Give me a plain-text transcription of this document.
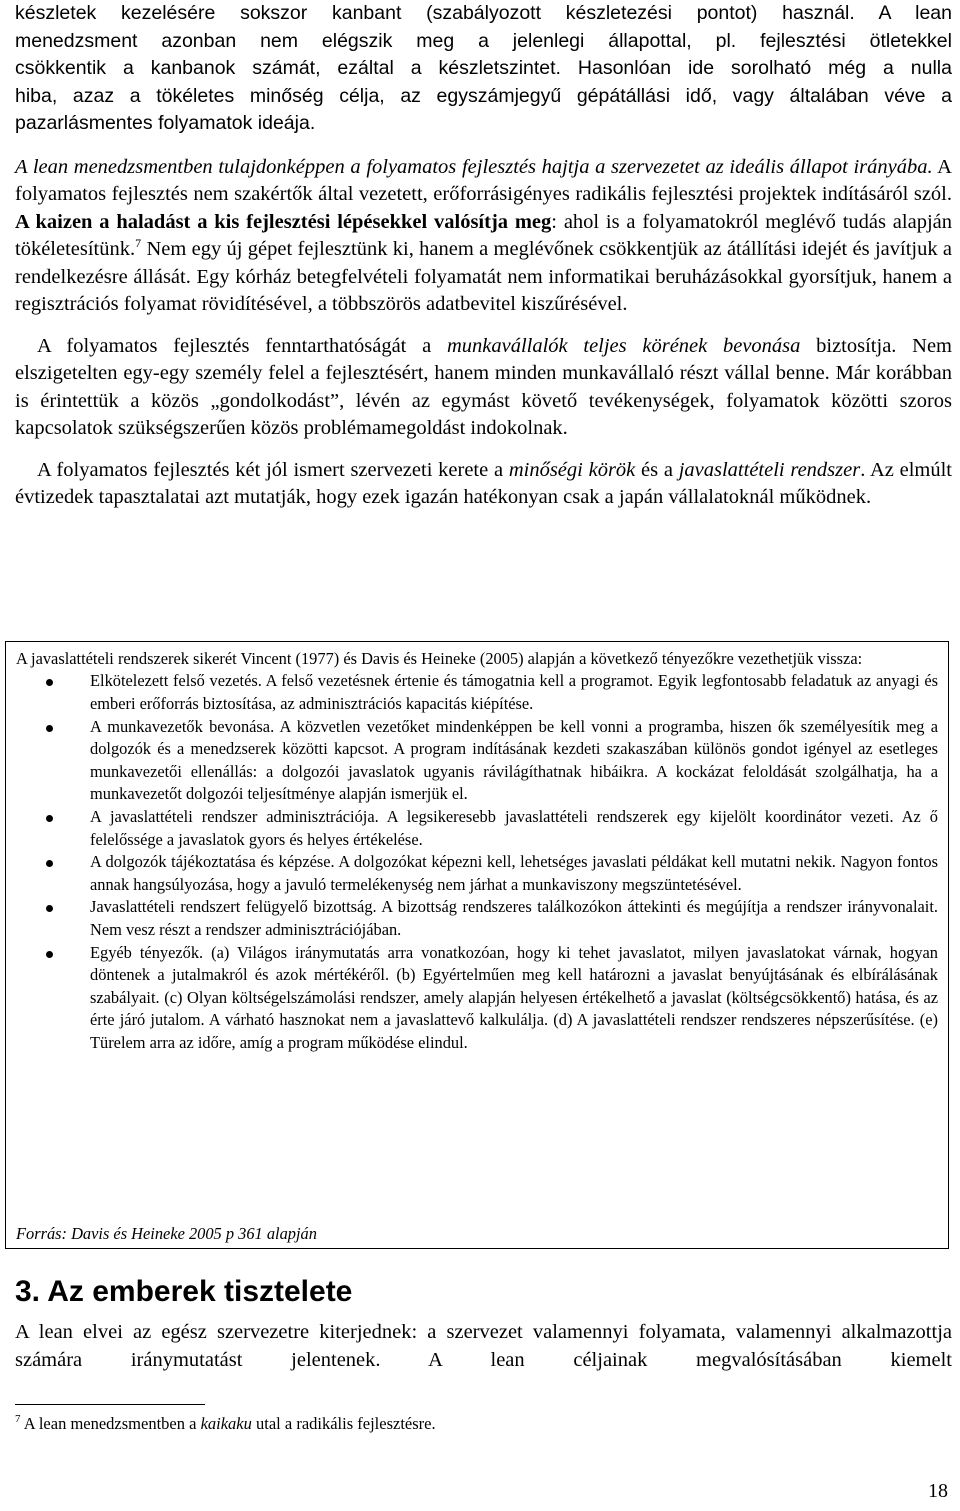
készletek kezelésére sokszor kanbant (szabályozott készletezési pontot) használ. A lean
menedzsment azonban nem elégszik meg a jelenlegi állapottal, pl. fejlesztési ötletekkel
csökkentik a kanbanok számát, ezáltal a készletszintet. Hasonlóan ide sorolható még a nulla
hiba, azaz a tökéletes minőség célja, az egyszámjegyű gépátállási idő, vagy általában véve a
pazarlásmentes folyamatok ideája.

A lean menedzsmentben tulajdonképpen a folyamatos fejlesztés hajtja a szervezetet az ideális állapot irányába. A folyamatos fejlesztés nem szakértők által vezetett, erőforrásigényes radikális fejlesztési projektek indításáról szól. A kaizen a haladást a kis fejlesztési lépésekkel valósítja meg: ahol is a folyamatokról meglévő tudás alapján tökéletesítünk.$^7$ Nem egy új gépet fejlesztünk ki, hanem a meglévőnek csökkentjük az átállítási idejét és javítjuk a rendelkezésre állását. Egy kórház betegfelvételi folyamatát nem informatikai beruházásokkal gyorsítjuk, hanem a regisztrációs folyamat rövidítésével, a többszörös adatbevitel kiszűrésével.

A folyamatos fejlesztés fenntarthatóságát a munkavállalók teljes körének bevonása biztosítja. Nem elszigetelten egy-egy személy felel a fejlesztésért, hanem minden munkavállaló részt vállal benne. Már korábban is érintettük a közös „gondolkodást”, lévén az egymást követő tevékenységek, folyamatok közötti szoros kapcsolatok szükségszerűen közös problémamegoldást indokolnak.

A folyamatos fejlesztés két jól ismert szervezeti kerete a minőségi körök és a javaslattételi rendszer. Az elmúlt évtizedek tapasztalatai azt mutatják, hogy ezek igazán hatékonyan csak a japán vállalatoknál működnek.

A javaslattételi rendszerek sikerét Vincent (1977) és Davis és Heineke (2005) alapján a következő tényezőkre vezethetjük vissza:

Elkötelezett felső vezetés. A felső vezetésnek értenie és támogatnia kell a programot. Egyik legfontosabb feladatuk az anyagi és emberi erőforrás biztosítása, az adminisztrációs kapacitás kiépítése.
A munkavezetők bevonása. A közvetlen vezetőket mindenképpen be kell vonni a programba, hiszen ők személyesítik meg a dolgozók és a menedzserek közötti kapcsot. A program indításának kezdeti szakaszában különös gondot igényel az esetleges munkavezetői ellenállás: a dolgozói javaslatok ugyanis rávilágíthatnak hibáikra. A kockázat feloldását szolgálhatja, ha a munkavezetőt dolgozói teljesítménye alapján ismerjük el.
A javaslattételi rendszer adminisztrációja. A legsikeresebb javaslattételi rendszerek egy kijelölt koordinátor vezeti. Az ő felelőssége a javaslatok gyors és helyes értékelése.
A dolgozók tájékoztatása és képzése. A dolgozókat képezni kell, lehetséges javaslati példákat kell mutatni nekik. Nagyon fontos annak hangsúlyozása, hogy a javuló termelékenység nem járhat a munkaviszony megszüntetésével.
Javaslattételi rendszert felügyelő bizottság. A bizottság rendszeres találkozókon áttekinti és megújítja a rendszer irányvonalait. Nem vesz részt a rendszer adminisztrációjában.
Egyéb tényezők. (a) Világos iránymutatás arra vonatkozóan, hogy ki tehet javaslatot, milyen javaslatokat várnak, hogyan döntenek a jutalmakról és azok mértékéről. (b) Egyértelműen meg kell határozni a javaslat benyújtásának és elbírálásának szabályait. (c) Olyan költségelszámolási rendszer, amely alapján helyesen értékelhető a javaslat (költségcsökkentő) hatása, és az érte járó jutalom. A várható hasznokat nem a javaslattevő kalkulálja. (d) A javaslattételi rendszer rendszeres népszerűsítése. (e) Türelem arra az időre, amíg a program működése elindul.
Forrás: Davis és Heineke 2005 p 361 alapján
3. Az emberek tisztelete

A lean elvei az egész szervezetre kiterjednek: a szervezet valamennyi folyamata, valamennyi alkalmazottja számára iránymutatást jelentenek. A lean céljainak megvalósításában kiemelt

$^7$ A lean menedzsmentben a kaikaku utal a radikális fejlesztésre.
18
